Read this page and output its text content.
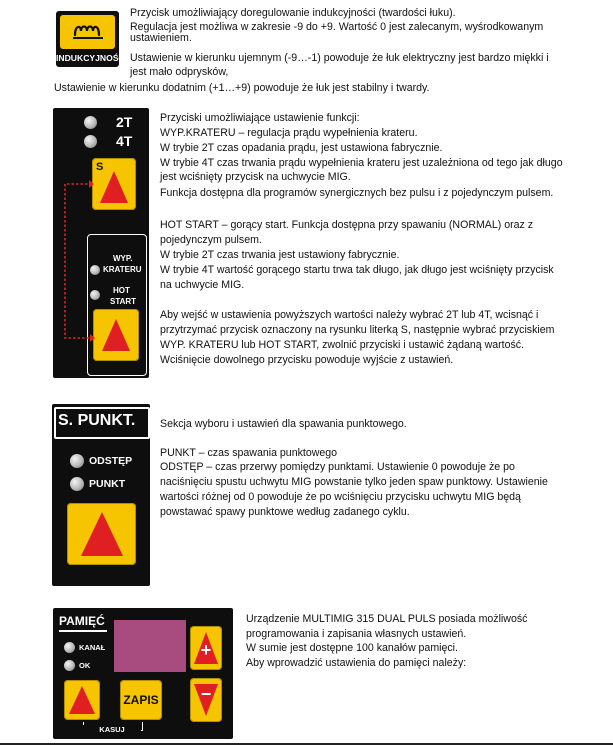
INDUKCYJNOŚĆ
Przycisk umożliwiający doregulowanie indukcyjności (twardości łuku).
Regulacja jest możliwa w zakresie -9 do +9. Wartość 0 jest zalecanym, wyśrodkowanym
ustawieniem.
Ustawienie w kierunku ujemnym (-9…-1) powoduje że łuk elektryczny jest bardzo miękki i
jest mało odprysków,
Ustawienie w kierunku dodatnim (+1…+9) powoduje że łuk jest stabilny i twardy.
2T
4T
S
WYP.
KRATERU
HOT
START
Przyciski umożliwiające ustawienie funkcji:
WYP.KRATERU – regulacja prądu wypełnienia krateru.
W trybie 2T czas opadania prądu, jest ustawiona fabrycznie.
W trybie 4T czas trwania prądu wypełnienia krateru jest uzależniona od tego jak długo
jest wciśnięty przycisk na uchwycie MIG.
Funkcja dostępna dla programów synergicznych bez pulsu i z pojedynczym pulsem.
HOT START – gorący start. Funkcja dostępna przy spawaniu (NORMAL) oraz z
pojedynczym pulsem.
W trybie 2T czas trwania jest ustawiony fabrycznie.
W trybie 4T wartość gorącego startu trwa tak długo, jak długo jest wciśnięty przycisk
na uchwycie MIG.
Aby wejść w ustawienia powyższych wartości należy wybrać 2T lub 4T, wcisnąć i
przytrzymać przycisk oznaczony na rysunku literką S, następnie wybrać przyciskiem
WYP. KRATERU lub HOT START, zwolnić przyciski i ustawić żądaną wartość.
Wciśnięcie dowolnego przycisku powoduje wyjście z ustawień.
S. PUNKT.
ODSTĘP
PUNKT
Sekcja wyboru i ustawień dla spawania punktowego.
PUNKT – czas spawania punktowego
ODSTĘP – czas przerwy pomiędzy punktami. Ustawienie 0 powoduje że po
naciśnięciu spustu uchwytu MIG powstanie tylko jeden spaw punktowy. Ustawienie
wartości różnej od 0 powoduje że po wciśnięciu przycisku uchwytu MIG będą
powstawać spawy punktowe według zadanego cyklu.
PAMIĘĆ
KANAŁ
OK
+
ZAPIS	−
KASUJ
Urządzenie MULTIMIG 315 DUAL PULS posiada możliwość
programowania i zapisania własnych ustawień.
W sumie jest dostępne 100 kanałów pamięci.
Aby wprowadzić ustawienia do pamięci należy:
